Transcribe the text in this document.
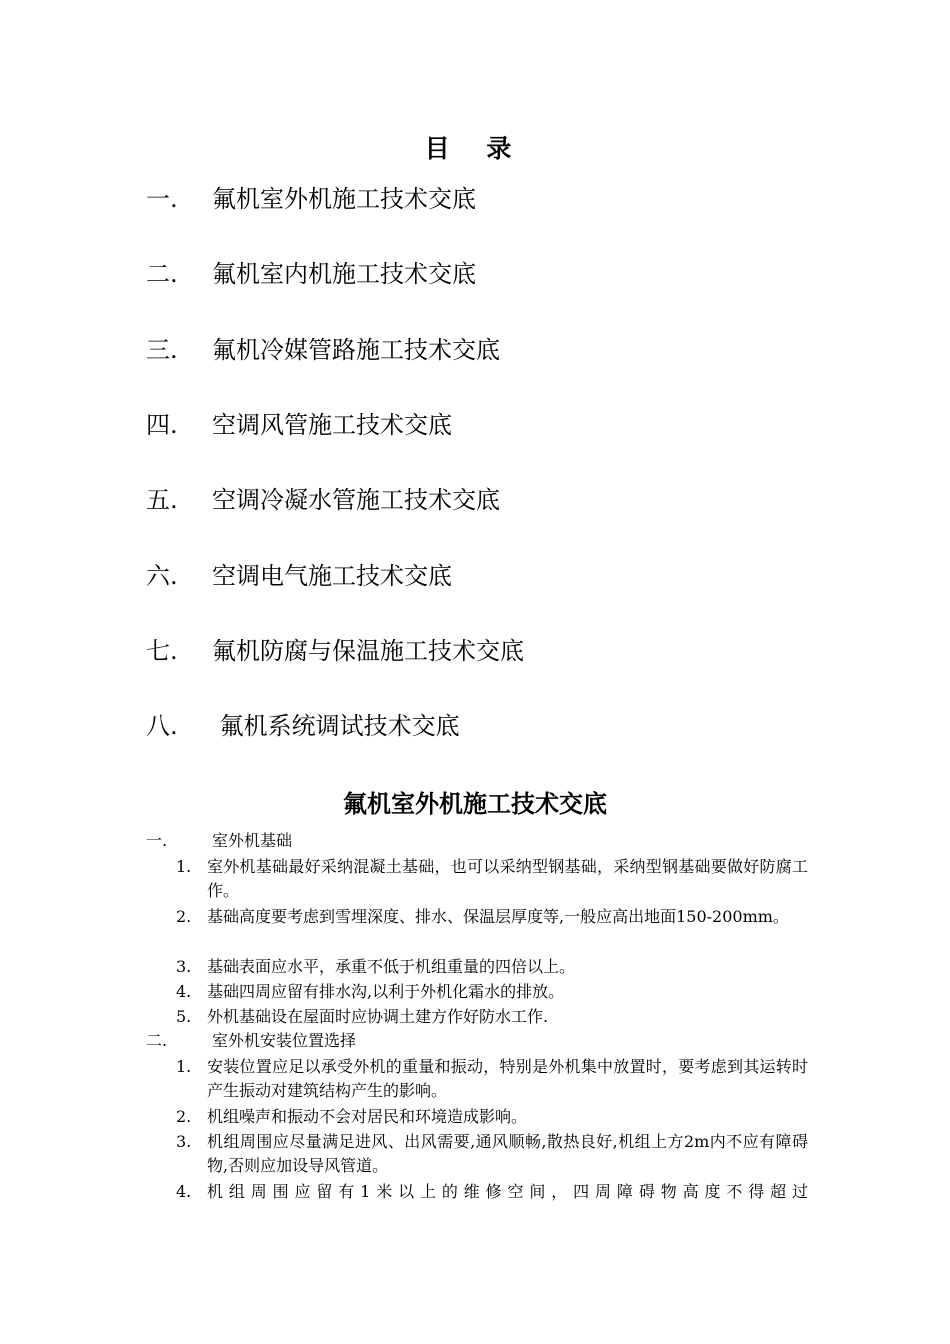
目 录
一. 氟机室外机施工技术交底
二. 氟机室内机施工技术交底
三. 氟机冷媒管路施工技术交底
四. 空调风管施工技术交底
五. 空调冷凝水管施工技术交底
六. 空调电气施工技术交底
七. 氟机防腐与保温施工技术交底
八. 氟机系统调试技术交底
氟机室外机施工技术交底
一.	室外机基础
1. 室外机基础最好采纳混凝土基础，也可以采纳型钢基础，采纳型钢基础要做好防腐工作。
2. 基础高度要考虑到雪埋深度、排水、保温层厚度等,一般应高出地面150-200mm。
3. 基础表面应水平，承重不低于机组重量的四倍以上。
4. 基础四周应留有排水沟,以利于外机化霜水的排放。
5. 外机基础设在屋面时应协调土建方作好防水工作.
二.	室外机安装位置选择
1. 安装位置应足以承受外机的重量和振动，特别是外机集中放置时，要考虑到其运转时产生振动对建筑结构产生的影响。
2. 机组噪声和振动不会对居民和环境造成影响。
3. 机组周围应尽量满足进风、出风需要,通风顺畅,散热良好,机组上方2m内不应有障碍物,否则应加设导风管道。
4. 机组周围应留有1米以上的维修空间，四周障碍物高度不得超过
